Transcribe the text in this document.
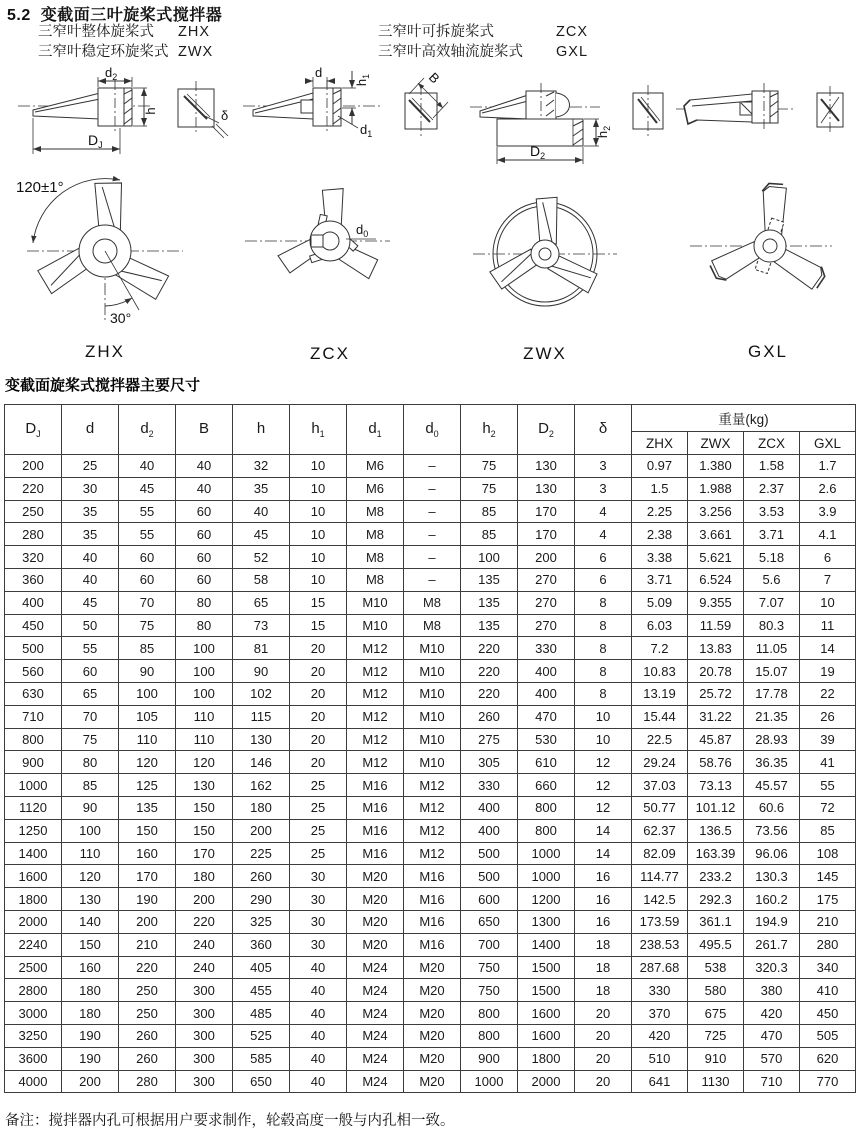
5.2 变截面三叶旋桨式搅拌器
三窄叶整体旋桨式	ZHX
三窄叶稳定环旋桨式 ZWX
三窄叶可拆旋桨式	ZCX
三窄叶高效轴流旋桨式	GXL
$d_2$
h
$D_J$
δ
d
$h_1$
$d_1$
B
$h_2$
$D_2$
120±1°
30°
$d_0$
ZHX	ZCX	ZWX	GXL
变截面旋桨式搅拌器主要尺寸
$D_J$	d	$d_2$	B	h	$h_1$	$d_1$	$d_0$	$h_2$	$D_2$	δ	重量(kg)			
											ZHX	ZWX	ZCX	GXL
200	25	40	40	32	10	M6	–	75	130	3	0.97	1.380	1.58	1.7
220	30	45	40	35	10	M6	–	75	130	3	1.5	1.988	2.37	2.6
250	35	55	60	40	10	M8	–	85	170	4	2.25	3.256	3.53	3.9
280	35	55	60	45	10	M8	–	85	170	4	2.38	3.661	3.71	4.1
320	40	60	60	52	10	M8	–	100	200	6	3.38	5.621	5.18	6
360	40	60	60	58	10	M8	–	135	270	6	3.71	6.524	5.6	7
400	45	70	80	65	15	M10	M8	135	270	8	5.09	9.355	7.07	10
450	50	75	80	73	15	M10	M8	135	270	8	6.03	11.59	80.3	11
500	55	85	100	81	20	M12	M10	220	330	8	7.2	13.83	11.05	14
560	60	90	100	90	20	M12	M10	220	400	8	10.83	20.78	15.07	19
630	65	100	100	102	20	M12	M10	220	400	8	13.19	25.72	17.78	22
710	70	105	110	115	20	M12	M10	260	470	10	15.44	31.22	21.35	26
800	75	110	110	130	20	M12	M10	275	530	10	22.5	45.87	28.93	39
900	80	120	120	146	20	M12	M10	305	610	12	29.24	58.76	36.35	41
1000	85	125	130	162	25	M16	M12	330	660	12	37.03	73.13	45.57	55
1120	90	135	150	180	25	M16	M12	400	800	12	50.77	101.12	60.6	72
1250	100	150	150	200	25	M16	M12	400	800	14	62.37	136.5	73.56	85
1400	110	160	170	225	25	M16	M12	500	1000	14	82.09	163.39	96.06	108
1600	120	170	180	260	30	M20	M16	500	1000	16	114.77	233.2	130.3	145
1800	130	190	200	290	30	M20	M16	600	1200	16	142.5	292.3	160.2	175
2000	140	200	220	325	30	M20	M16	650	1300	16	173.59	361.1	194.9	210
2240	150	210	240	360	30	M20	M16	700	1400	18	238.53	495.5	261.7	280
2500	160	220	240	405	40	M24	M20	750	1500	18	287.68	538	320.3	340
2800	180	250	300	455	40	M24	M20	750	1500	18	330	580	380	410
3000	180	250	300	485	40	M24	M20	800	1600	20	370	675	420	450
3250	190	260	300	525	40	M24	M20	800	1600	20	420	725	470	505
3600	190	260	300	585	40	M24	M20	900	1800	20	510	910	570	620
4000	200	280	300	650	40	M24	M20	1000	2000	20	641	1130	710	770
备注：搅拌器内孔可根据用户要求制作，轮毂高度一般与内孔相一致。
